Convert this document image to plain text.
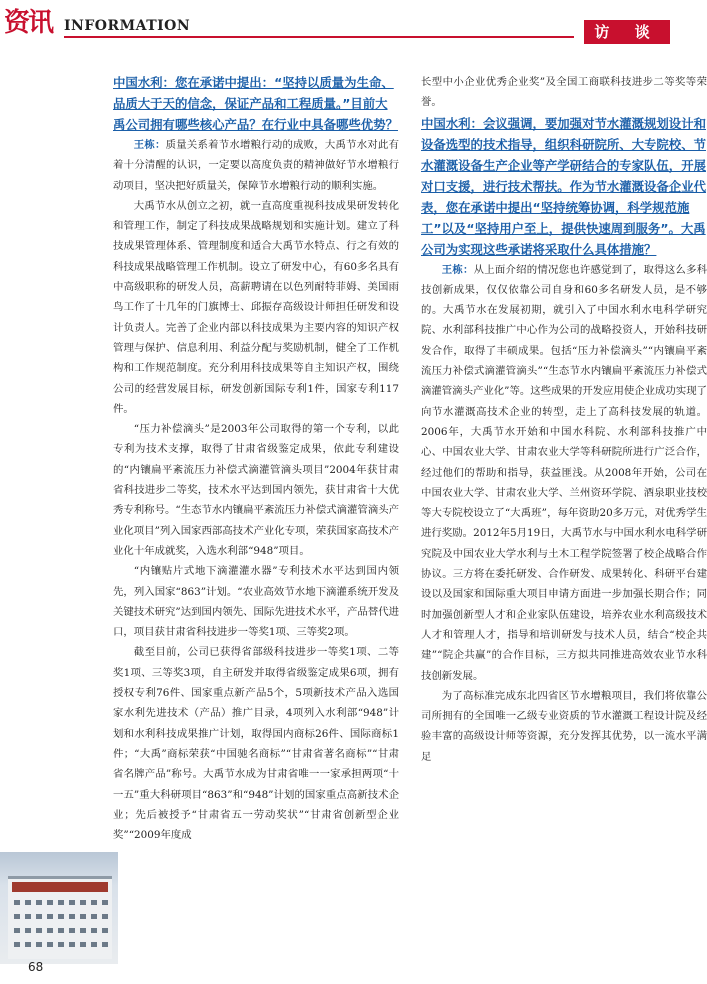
资讯 INFORMATION	访 谈

中国水利：您在承诺中提出：“坚持以质量为生命、品质大于天的信念，保证产品和工程质量。”目前大禹公司拥有哪些核心产品？在行业中具备哪些优势？

王栋：质量关系着节水增粮行动的成败，大禹节水对此有着十分清醒的认识，一定要以高度负责的精神做好节水增粮行动项目，坚决把好质量关，保障节水增粮行动的顺利实施。

大禹节水从创立之初，就一直高度重视科技成果研发转化和管理工作，制定了科技成果战略规划和实施计划。建立了科技成果管理体系、管理制度和适合大禹节水特点、行之有效的科技成果战略管理工作机制。设立了研发中心，有60多名具有中高级职称的研发人员，高薪聘请在以色列耐特菲姆、美国雨鸟工作了十几年的门旗博士、邱振存高级设计师担任研发和设计负责人。完善了企业内部以科技成果为主要内容的知识产权管理与保护、信息利用、利益分配与奖励机制，健全了工作机构和工作规范制度。充分利用科技成果等自主知识产权，围绕公司的经营发展目标，研发创新国际专利1件，国家专利117件。

“压力补偿滴头”是2003年公司取得的第一个专利，以此专利为技术支撑，取得了甘肃省级鉴定成果，依此专利建设的“内镶扁平紊流压力补偿式滴灌管滴头项目”2004年获甘肃省科技进步二等奖，技术水平达到国内领先，获甘肃省十大优秀专利称号。“生态节水内镶扁平紊流压力补偿式滴灌管滴头产业化项目”列入国家西部高技术产业化专项，荣获国家高技术产业化十年成就奖，入选水利部“948”项目。

“内镶贴片式地下滴灌灌水器”专利技术水平达到国内领先，列入国家“863”计划。“农业高效节水地下滴灌系统开发及关键技术研究”达到国内领先、国际先进技术水平，产品替代进口，项目获甘肃省科技进步一等奖1项、三等奖2项。

截至目前，公司已获得省部级科技进步一等奖1项、二等奖1项、三等奖3项，自主研发并取得省级鉴定成果6项，拥有授权专利76件、国家重点新产品5个，5项新技术产品入选国家水利先进技术（产品）推广目录，4项列入水利部“948”计划和水利科技成果推广计划，取得国内商标26件、国际商标1件；“大禹”商标荣获“中国驰名商标”“甘肃省著名商标”“甘肃省名牌产品”称号。大禹节水成为甘肃省唯一一家承担两项“十一五”重大科研项目“863”和“948”计划的国家重点高新技术企业；先后被授予“甘肃省五一劳动奖状”“甘肃省创新型企业奖”“2009年度成

长型中小企业优秀企业奖”及全国工商联科技进步二等奖等荣誉。

中国水利：会议强调，要加强对节水灌溉规划设计和设备选型的技术指导，组织科研院所、大专院校、节水灌溉设备生产企业等产学研结合的专家队伍，开展对口支援，进行技术帮扶。作为节水灌溉设备企业代表，您在承诺中提出“坚持统筹协调，科学规范施工”以及“坚持用户至上，提供快速周到服务”。大禹公司为实现这些承诺将采取什么具体措施？

王栋：从上面介绍的情况您也许感觉到了，取得这么多科技创新成果，仅仅依靠公司自身和60多名研发人员，是不够的。大禹节水在发展初期，就引入了中国水利水电科学研究院、水利部科技推广中心作为公司的战略投资人，开始科技研发合作，取得了丰硕成果。包括“压力补偿滴头”“内镶扁平紊流压力补偿式滴灌管滴头”“生态节水内镶扁平紊流压力补偿式滴灌管滴头产业化”等。这些成果的开发应用使企业成功实现了向节水灌溉高技术企业的转型，走上了高科技发展的轨道。2006年，大禹节水开始和中国水科院、水利部科技推广中心、中国农业大学、甘肃农业大学等科研院所进行广泛合作，经过他们的帮助和指导，获益匪浅。从2008年开始，公司在中国农业大学、甘肃农业大学、兰州资环学院、酒泉职业技校等大专院校设立了“大禹班”，每年资助20多万元，对优秀学生进行奖励。2012年5月19日，大禹节水与中国水利水电科学研究院及中国农业大学水利与土木工程学院签署了校企战略合作协议。三方将在委托研发、合作研发、成果转化、科研平台建设以及国家和国际重大项目申请方面进一步加强长期合作；同时加强创新型人才和企业家队伍建设，培养农业水利高级技术人才和管理人才，指导和培训研发与技术人员，结合“校企共建”“院企共赢”的合作目标，三方拟共同推进高效农业节水科技创新发展。

为了高标准完成东北四省区节水增粮项目，我们将依靠公司所拥有的全国唯一乙级专业资质的节水灌溉工程设计院及经验丰富的高级设计师等资源，充分发挥其优势，以一流水平满足

68
